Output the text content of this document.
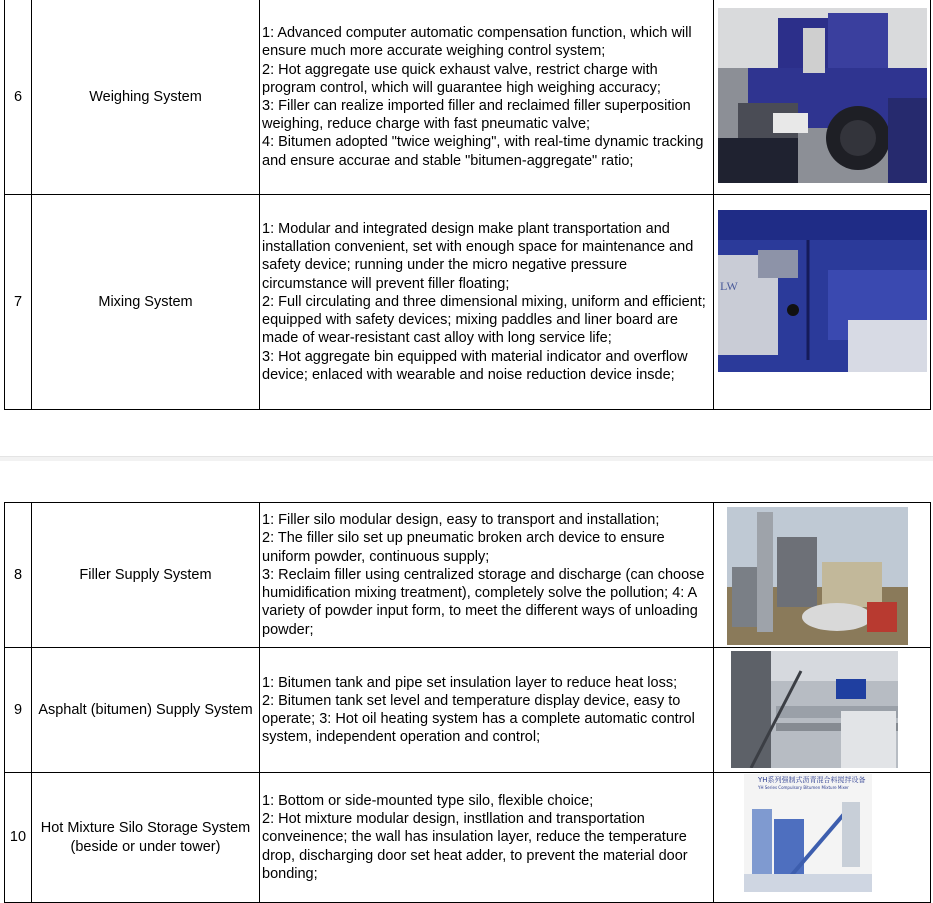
6	Weighing System	1: Advanced computer automatic compensation function, which will ensure much more accurate weighing control system;
2: Hot aggregate use quick exhaust valve, restrict charge with program control, which will guarantee high weighing accuracy;
3: Filler can realize imported filler and reclaimed filler superposition weighing, reduce charge with fast pneumatic valve;
4: Bitumen adopted "twice weighing", with real-time dynamic tracking and ensure accurae and stable "bitumen-aggregate" ratio;	

7	Mixing System	1: Modular and integrated design make plant transportation and installation convenient, set with enough space for maintenance and safety device; running under the micro negative pressure circumstance will prevent filler floating;
2: Full circulating and three dimensional mixing, uniform and efficient; equipped with safety devices; mixing paddles and liner board are made of wear-resistant cast alloy with long service life;
3: Hot aggregate bin equipped with material indicator and overflow device; enlaced with wearable and noise reduction device insde;	LW
8	Filler Supply System	1: Filler silo modular design, easy to transport and installation;
2: The filler silo set up pneumatic broken arch device to ensure uniform powder, continuous supply;
3: Reclaim filler using centralized storage and discharge (can choose humidification mixing treatment), completely solve the pollution; 4: A variety of powder input form, to meet the different ways of unloading powder;	

9	Asphalt (bitumen) Supply System	1: Bitumen tank and pipe set insulation layer to reduce heat loss;
2: Bitumen tank set level and temperature display device, easy to operate; 3: Hot oil heating system has a complete automatic control system, independent operation and control;	

10	Hot Mixture Silo Storage System
(beside or under tower)	1: Bottom or side-mounted type silo, flexible choice;
2: Hot mixture modular design, instllation and transportation conveinence; the wall has insulation layer, reduce the temperature drop, discharging door set heat adder, to prevent the material door bonding;	YH系列强制式沥青混合料搅拌设备
YH Series Compulsory Bitumen Mixture Mixer
